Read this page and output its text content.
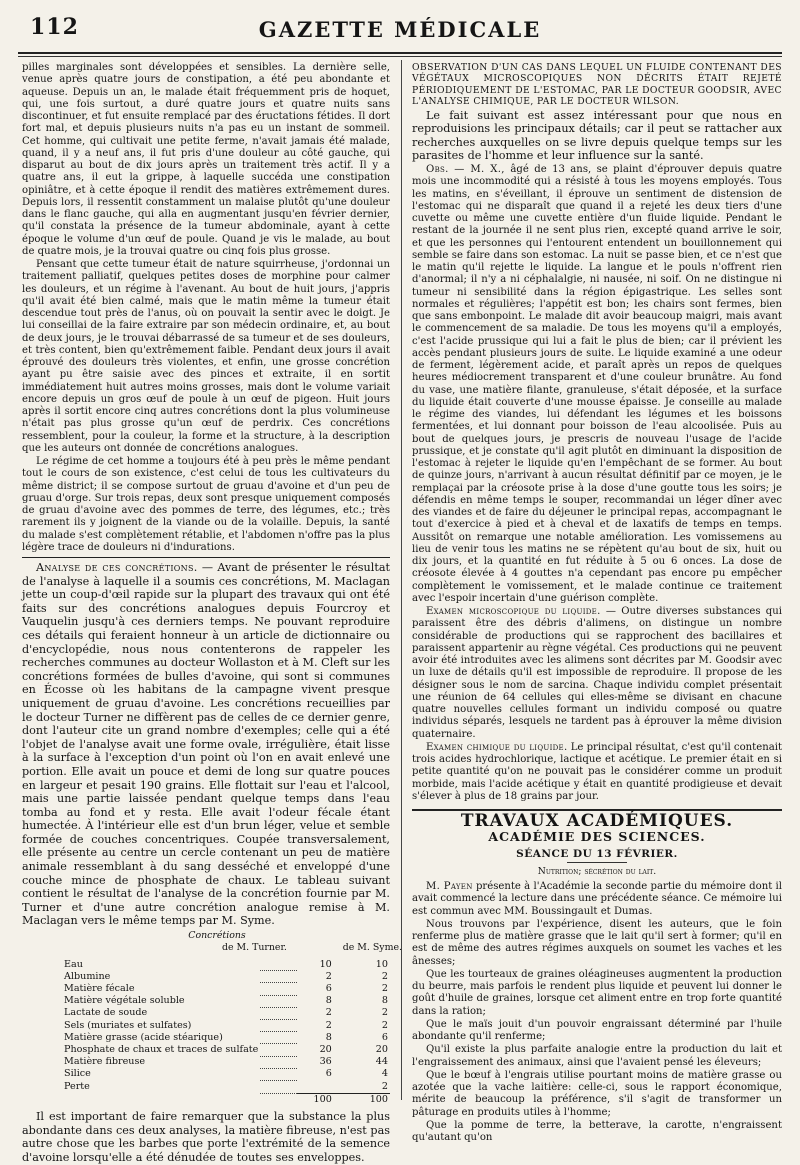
112	GAZETTE MÉDICALE

pilles marginales sont développées et sensibles. La dernière selle, venue après quatre jours de constipation, a été peu abondante et aqueuse. Depuis un an, le malade était fréquemment pris de hoquet, qui, une fois surtout, a duré quatre jours et quatre nuits sans discontinuer, et fut ensuite remplacé par des éructations fétides. Il dort fort mal, et depuis plusieurs nuits n'a pas eu un instant de sommeil. Cet homme, qui cultivait une petite ferme, n'avait jamais été malade, quand, il y a neuf ans, il fut pris d'une douleur au côté gauche, qui disparut au bout de dix jours après un traitement très actif. Il y a quatre ans, il eut la grippe, à laquelle succéda une constipation opiniâtre, et à cette époque il rendit des matières extrêmement dures. Depuis lors, il ressentit constamment un malaise plutôt qu'une douleur dans le flanc gauche, qui alla en augmentant jusqu'en février dernier, qu'il constata la présence de la tumeur abdominale, ayant à cette époque le volume d'un œuf de poule. Quand je vis le malade, au bout de quatre mois, je la trouvai quatre ou cinq fois plus grosse.

Pensant que cette tumeur était de nature squirrheuse, j'ordonnai un traitement palliatif, quelques petites doses de morphine pour calmer les douleurs, et un régime à l'avenant. Au bout de huit jours, j'appris qu'il avait été bien calmé, mais que le matin même la tumeur était descendue tout près de l'anus, où on pouvait la sentir avec le doigt. Je lui conseillai de la faire extraire par son médecin ordinaire, et, au bout de deux jours, je le trouvai débarrassé de sa tumeur et de ses douleurs, et très content, bien qu'extrêmement faible. Pendant deux jours il avait éprouvé des douleurs très violentes, et enfin, une grosse concrétion ayant pu être saisie avec des pinces et extraite, il en sortit immédiatement huit autres moins grosses, mais dont le volume variait encore depuis un gros œuf de poule à un œuf de pigeon. Huit jours après il sortit encore cinq autres concrétions dont la plus volumineuse n'était pas plus grosse qu'un œuf de perdrix. Ces concrétions ressemblent, pour la couleur, la forme et la structure, à la description que les auteurs ont donnée de concrétions analogues.

Le régime de cet homme a toujours été à peu près le même pendant tout le cours de son existence, c'est celui de tous les cultivateurs du même district; il se compose surtout de gruau d'avoine et d'un peu de gruau d'orge. Sur trois repas, deux sont presque uniquement composés de gruau d'avoine avec des pommes de terre, des légumes, etc.; très rarement ils y joignent de la viande ou de la volaille. Depuis, la santé du malade s'est complètement rétablie, et l'abdomen n'offre pas la plus légère trace de douleurs ni d'indurations.

Analyse de ces concrétions. — Avant de présenter le résultat de l'analyse à laquelle il a soumis ces concrétions, M. Maclagan jette un coup-d'œil rapide sur la plupart des travaux qui ont été faits sur des concrétions analogues depuis Fourcroy et Vauquelin jusqu'à ces derniers temps. Ne pouvant reproduire ces détails qui feraient honneur à un article de dictionnaire ou d'encyclopédie, nous nous contenterons de rappeler les recherches communes au docteur Wollaston et à M. Cleft sur les concrétions formées de bulles d'avoine, qui sont si communes en Écosse où les habitans de la campagne vivent presque uniquement de gruau d'avoine. Les concrétions recueillies par le docteur Turner ne diffèrent pas de celles de ce dernier genre, dont l'auteur cite un grand nombre d'exemples; celle qui a été l'objet de l'analyse avait une forme ovale, irrégulière, était lisse à la surface à l'exception d'un point où l'on en avait enlevé une portion. Elle avait un pouce et demi de long sur quatre pouces en largeur et pesait 190 grains. Elle flottait sur l'eau et l'alcool, mais une partie laissée pendant quelque temps dans l'eau tomba au fond et y resta. Elle avait l'odeur fécale étant humectée. À l'intérieur elle est d'un brun léger, velue et semble formée de couches concentriques. Coupée transversalement, elle présente au centre un cercle contenant un peu de matière animale ressemblant à du sang desséché et enveloppé d'une couche mince de phosphate de chaux. Le tableau suivant contient le résultat de l'analyse de la concrétion fournie par M. Turner et d'une autre concrétion analogue remise à M. Maclagan vers le même temps par M. Syme.

Concrétions
de M. Turner.	de M. Syme.
Eau		10	10
Albumine		2	2
Matière fécale		6	2
Matière végétale soluble		8	8
Lactate de soude		2	2
Sels (muriates et sulfates)		2	2
Matière grasse (acide stéarique)		8	6
Phosphate de chaux et traces de sulfate		20	20
Matière fibreuse		36	44
Silice		6	4
Perte			2
		100	100

Il est important de faire remarquer que la substance la plus abondante dans ces deux analyses, la matière fibreuse, n'est pas autre chose que les barbes que porte l'extrémité de la semence d'avoine lorsqu'elle a été dénudée de toutes ses enveloppes.

OBSERVATION D'UN CAS DANS LEQUEL UN FLUIDE CONTENANT DES VÉGÉTAUX MICROSCOPIQUES NON DÉCRITS ÉTAIT REJETÉ PÉRIODIQUEMENT DE L'ESTOMAC, PAR LE DOCTEUR GOODSIR, AVEC L'ANALYSE CHIMIQUE, PAR LE DOCTEUR WILSON.

Le fait suivant est assez intéressant pour que nous en reproduisions les principaux détails; car il peut se rattacher aux recherches auxquelles on se livre depuis quelque temps sur les parasites de l'homme et leur influence sur la santé.

Obs. — M. X., âgé de 13 ans, se plaint d'éprouver depuis quatre mois une incommodité qui a résisté à tous les moyens employés. Tous les matins, en s'éveillant, il éprouve un sentiment de distension de l'estomac qui ne disparaît que quand il a rejeté les deux tiers d'une cuvette ou même une cuvette entière d'un fluide liquide. Pendant le restant de la journée il ne sent plus rien, excepté quand arrive le soir, et que les personnes qui l'entourent entendent un bouillonnement qui semble se faire dans son estomac. La nuit se passe bien, et ce n'est que le matin qu'il rejette le liquide. La langue et le pouls n'offrent rien d'anormal; il n'y a ni céphalalgie, ni nausée, ni soif. On ne distingue ni tumeur ni sensibilité dans la région épigastrique. Les selles sont normales et régulières; l'appétit est bon; les chairs sont fermes, bien que sans embonpoint. Le malade dit avoir beaucoup maigri, mais avant le commencement de sa maladie. De tous les moyens qu'il a employés, c'est l'acide prussique qui lui a fait le plus de bien; car il prévient les accès pendant plusieurs jours de suite. Le liquide examiné a une odeur de ferment, légèrement acide, et paraît après un repos de quelques heures médiocrement transparent et d'une couleur brunâtre. Au fond du vase, une matière filante, granuleuse, s'était déposée, et la surface du liquide était couverte d'une mousse épaisse. Je conseille au malade le régime des viandes, lui défendant les légumes et les boissons fermentées, et lui donnant pour boisson de l'eau alcoolisée. Puis au bout de quelques jours, je prescris de nouveau l'usage de l'acide prussique, et je constate qu'il agit plutôt en diminuant la disposition de l'estomac à rejeter le liquide qu'en l'empêchant de se former. Au bout de quinze jours, n'arrivant à aucun résultat définitif par ce moyen, je le remplaçai par la créosote prise à la dose d'une goutte tous les soirs; je défendis en même temps le souper, recommandai un léger dîner avec des viandes et de faire du déjeuner le principal repas, accompagnant le tout d'exercice à pied et à cheval et de laxatifs de temps en temps. Aussitôt on remarque une notable amélioration. Les vomissemens au lieu de venir tous les matins ne se répètent qu'au bout de six, huit ou dix jours, et la quantité en fut réduite à 5 ou 6 onces. La dose de créosote élevée à 4 gouttes n'a cependant pas encore pu empêcher complètement le vomissement, et le malade continue ce traitement avec l'espoir incertain d'une guérison complète.

Examen microscopique du liquide. — Outre diverses substances qui paraissent être des débris d'alimens, on distingue un nombre considérable de productions qui se rapprochent des bacillaires et paraissent appartenir au règne végétal. Ces productions qui ne peuvent avoir été introduites avec les alimens sont décrites par M. Goodsir avec un luxe de détails qu'il est impossible de reproduire. Il propose de les désigner sous le nom de sarcina. Chaque individu complet présentait une réunion de 64 cellules qui elles-même se divisant en chacune quatre nouvelles cellules formant un individu composé ou quatre individus séparés, lesquels ne tardent pas à éprouver la même division quaternaire.

Examen chimique du liquide. Le principal résultat, c'est qu'il contenait trois acides hydrochlorique, lactique et acétique. Le premier était en si petite quantité qu'on ne pouvait pas le considérer comme un produit morbide, mais l'acide acétique y était en quantité prodigieuse et devait s'élever à plus de 18 grains par jour.

TRAVAUX ACADÉMIQUES.
ACADÉMIE DES SCIENCES.
SÉANCE DU 13 FÉVRIER.
Nutrition; sécrétion du lait.

M. Payen présente à l'Académie la seconde partie du mémoire dont il avait commencé la lecture dans une précédente séance. Ce mémoire lui est commun avec MM. Boussingault et Dumas.

Nous trouvons par l'expérience, disent les auteurs, que le foin renferme plus de matière grasse que le lait qu'il sert à former; qu'il en est de même des autres régimes auxquels on soumet les vaches et les ânesses;

Que les tourteaux de graines oléagineuses augmentent la production du beurre, mais parfois le rendent plus liquide et peuvent lui donner le goût d'huile de graines, lorsque cet aliment entre en trop forte quantité dans la ration;

Que le maïs jouit d'un pouvoir engraissant déterminé par l'huile abondante qu'il renferme;

Qu'il existe la plus parfaite analogie entre la production du lait et l'engraissement des animaux, ainsi que l'avaient pensé les éleveurs;

Que le bœuf à l'engrais utilise pourtant moins de matière grasse ou azotée que la vache laitière: celle-ci, sous le rapport économique, mérite de beaucoup la préférence, s'il s'agit de transformer un pâturage en produits utiles à l'homme;

Que la pomme de terre, la betterave, la carotte, n'engraissent qu'autant qu'on
